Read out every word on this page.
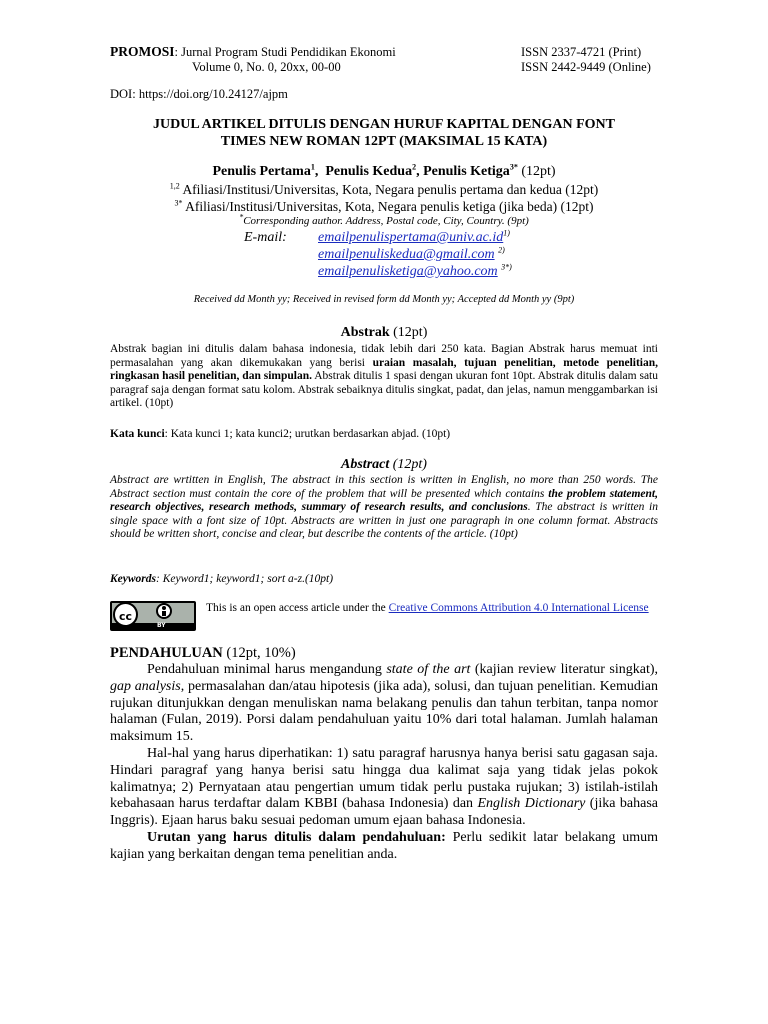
PROMOSI: Jurnal Program Studi Pendidikan Ekonomi
Volume 0, No. 0, 20xx, 00-00
ISSN 2337-4721 (Print)
ISSN 2442-9449 (Online)
DOI: https://doi.org/10.24127/ajpm
JUDUL ARTIKEL DITULIS DENGAN HURUF KAPITAL DENGAN FONT
TIMES NEW ROMAN 12PT (MAKSIMAL 15 KATA)
Penulis Pertama$^1$, Penulis Kedua$^2$, Penulis Ketiga$^{3*}$ (12pt)
$^{1,2}$ Afiliasi/Institusi/Universitas, Kota, Negara penulis pertama dan kedua (12pt)
$^{3*}$ Afiliasi/Institusi/Universitas, Kota, Negara penulis ketiga (jika beda) (12pt)
*Corresponding author. Address, Postal code, City, Country. (9pt)
E-mail: $emailpenulispertama@univ.ac.id^{1)}$
emailpenuliskedua@gmail.com $^{2)}$
emailpenulisketiga@yahoo.com $^{3*)}$
Received dd Month yy; Received in revised form dd Month yy; Accepted dd Month yy (9pt)
Abstrak (12pt)
Abstrak bagian ini ditulis dalam bahasa indonesia, tidak lebih dari 250 kata. Bagian Abstrak harus memuat inti permasalahan yang akan dikemukakan yang berisi uraian masalah, tujuan penelitian, metode penelitian, ringkasan hasil penelitian, dan simpulan. Abstrak ditulis 1 spasi dengan ukuran font 10pt. Abstrak ditulis dalam satu paragraf saja dengan format satu kolom. Abstrak sebaiknya ditulis singkat, padat, dan jelas, namun menggambarkan isi artikel. (10pt)
Kata kunci: Kata kunci 1; kata kunci2; urutkan berdasarkan abjad. (10pt)
Abstract (12pt)
Abstract are wrtitten in English, The abstract in this section is written in English, no more than 250 words. The Abstract section must contain the core of the problem that will be presented which contains the problem statement, research objectives, research methods, summary of research results, and conclusions. The abstract is written in single space with a font size of 10pt. Abstracts are written in just one paragraph in one column format. Abstracts should be written short, concise and clear, but describe the contents of the article. (10pt)
Keywords: Keyword1; keyword1; sort a-z.(10pt)
cc
BY
This is an open access article under the Creative Commons Attribution 4.0 International License
PENDAHULUAN (12pt, 10%)

Pendahuluan minimal harus mengandung state of the art (kajian review literatur singkat), gap analysis, permasalahan dan/atau hipotesis (jika ada), solusi, dan tujuan penelitian. Kemudian rujukan ditunjukkan dengan menuliskan nama belakang penulis dan tahun terbitan, tanpa nomor halaman (Fulan, 2019). Porsi dalam pendahuluan yaitu 10% dari total halaman. Jumlah halaman maksimum 15.

Hal-hal yang harus diperhatikan: 1) satu paragraf harusnya hanya berisi satu gagasan saja. Hindari paragraf yang hanya berisi satu hingga dua kalimat saja yang tidak jelas pokok kalimatnya; 2) Pernyataan atau pengertian umum tidak perlu pustaka rujukan; 3) istilah-istilah kebahasaan harus terdaftar dalam KBBI (bahasa Indonesia) dan English Dictionary (jika bahasa Inggris). Ejaan harus baku sesuai pedoman umum ejaan bahasa Indonesia.

Urutan yang harus ditulis dalam pendahuluan: Perlu sedikit latar belakang umum kajian yang berkaitan dengan tema penelitian anda.
